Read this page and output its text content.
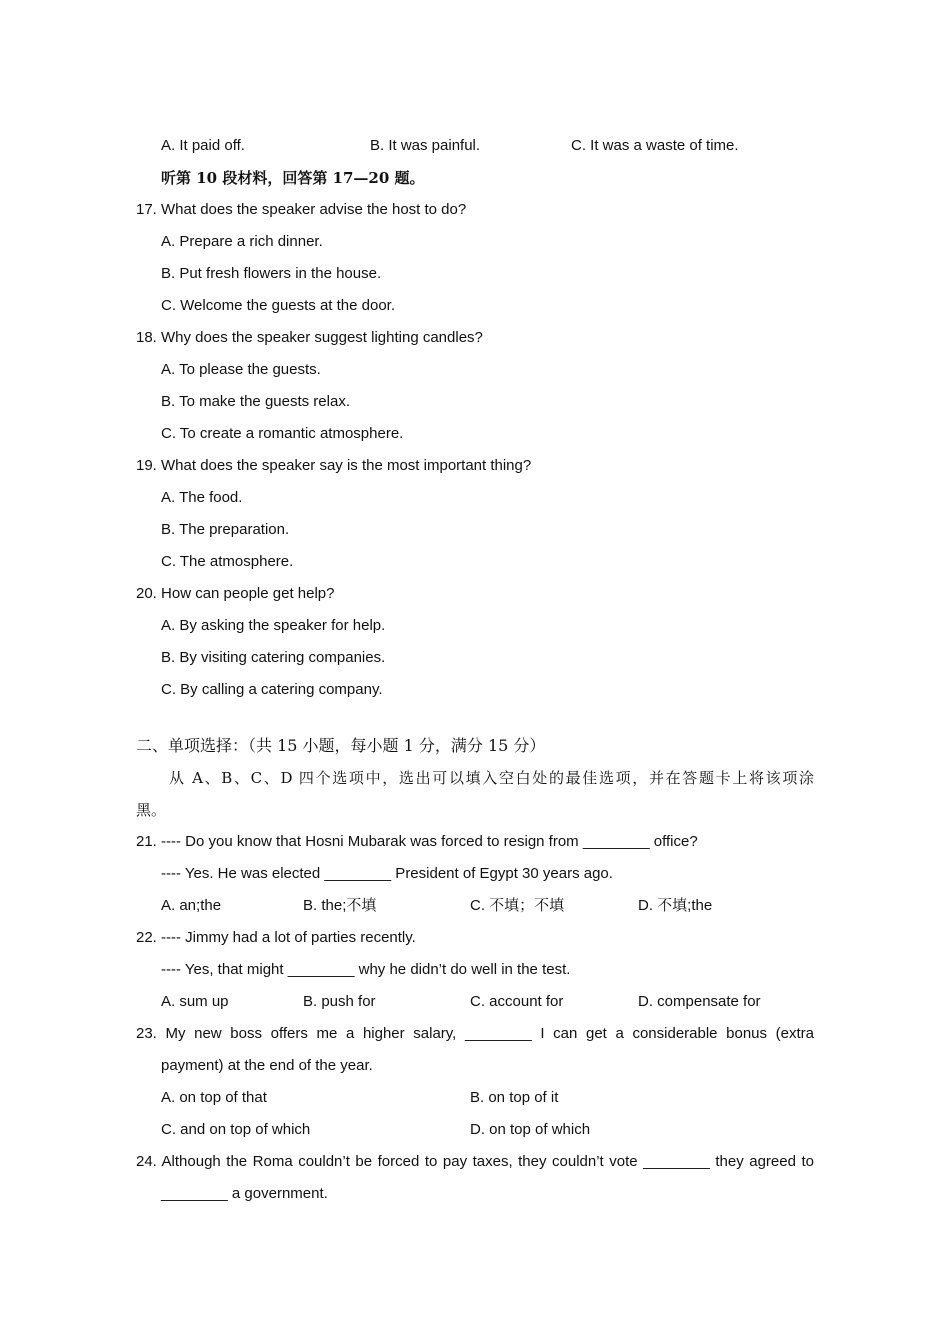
A. It paid off.	B. It was painful.	C. It was a waste of time.
听第 10 段材料，回答第 17—20 题。
17. What does the speaker advise the host to do?
A. Prepare a rich dinner.
B. Put fresh flowers in the house.
C. Welcome the guests at the door.
18. Why does the speaker suggest lighting candles?
A. To please the guests.
B. To make the guests relax.
C. To create a romantic atmosphere.
19. What does the speaker say is the most important thing?
A. The food.
B. The preparation.
C. The atmosphere.
20. How can people get help?
A. By asking the speaker for help.
B. By visiting catering companies.
C. By calling a catering company.
二、单项选择：（共 15 小题，每小题 1 分，满分 15 分）
从 A、B、C、D 四个选项中，选出可以填入空白处的最佳选项，并在答题卡上将该项涂
黑。
21. ---- Do you know that Hosni Mubarak was forced to resign from ________ office?
---- Yes. He was elected ________ President of Egypt 30 years ago.
A. an;the	B. the;不填	C. 不填；不填	D. 不填;the
22. ---- Jimmy had a lot of parties recently.
---- Yes, that might ________ why he didn’t do well in the test.
A. sum up	B. push for	C. account for	D. compensate for
23. My new boss offers me a higher salary, ________ I can get a considerable bonus (extra
payment) at the end of the year.
A. on top of that	B. on top of it
C. and on top of which	D. on top of which
24. Although the Roma couldn’t be forced to pay taxes, they couldn’t vote ________ they agreed to
________ a government.
